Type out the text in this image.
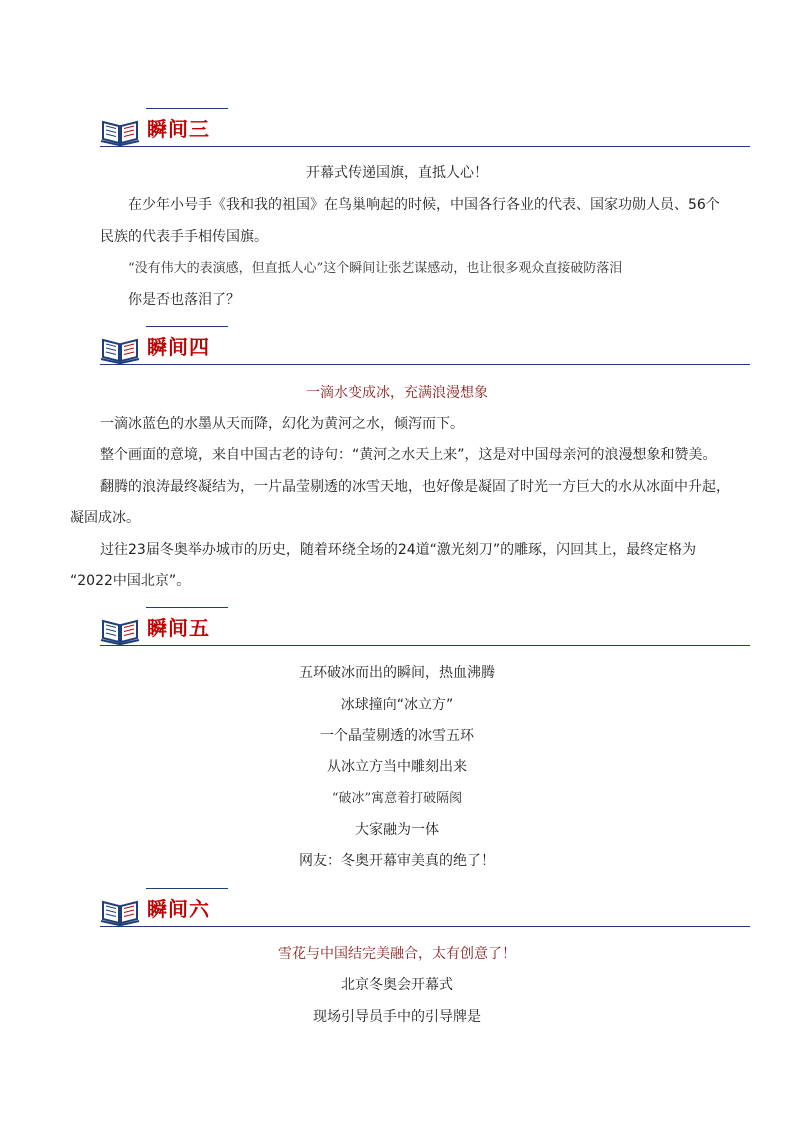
瞬间三
开幕式传递国旗，直抵人心！
在少年小号手《我和我的祖国》在鸟巢响起的时候，中国各行各业的代表、国家功勋人员、56个
民族的代表手手相传国旗。
“没有伟大的表演感，但直抵人心”这个瞬间让张艺谋感动，也让很多观众直接破防落泪
你是否也落泪了？
瞬间四
一滴水变成冰，充满浪漫想象
一滴冰蓝色的水墨从天而降，幻化为黄河之水，倾泻而下。
整个画面的意境，来自中国古老的诗句：“黄河之水天上来”，这是对中国母亲河的浪漫想象和赞美。
翻腾的浪涛最终凝结为，一片晶莹剔透的冰雪天地，也好像是凝固了时光一方巨大的水从冰面中升起，
凝固成冰。
过往23届冬奥举办城市的历史，随着环绕全场的24道“激光刻刀”的雕琢，闪回其上，最终定格为
“2022中国北京”。
瞬间五
五环破冰而出的瞬间，热血沸腾
冰球撞向“冰立方”
一个晶莹剔透的冰雪五环
从冰立方当中雕刻出来
“破冰”寓意着打破隔阂
大家融为一体
网友：冬奥开幕审美真的绝了！
瞬间六
雪花与中国结完美融合，太有创意了！
北京冬奥会开幕式
现场引导员手中的引导牌是
